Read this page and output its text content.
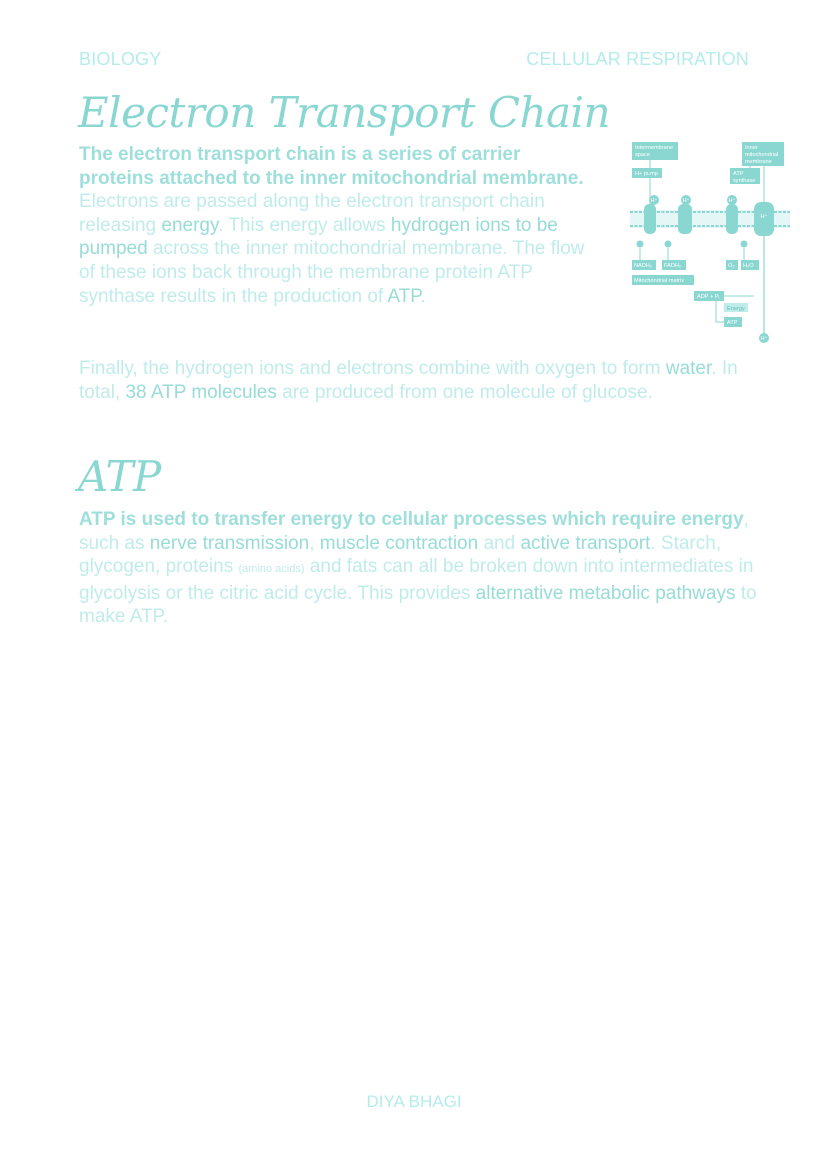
BIOLOGY	CELLULAR RESPIRATION
Electron Transport Chain

The electron transport chain is a series of carrier proteins attached to the inner mitochondrial membrane. Electrons are passed along the electron transport chain releasing energy. This energy allows hydrogen ions to be pumped across the inner mitochondrial membrane. The flow of these ions back through the membrane protein ATP synthase results in the production of ATP.

Finally, the hydrogen ions and electrons combine with oxygen to form water. In total, 38 ATP molecules are produced from one molecule of glucose.

ATP

ATP is used to transfer energy to cellular processes which require energy, such as nerve transmission, muscle contraction and active transport. Starch, glycogen, proteins (amino acids) and fats can all be broken down into intermediates in glycolysis or the citric acid cycle. This provides alternative metabolic pathways to make ATP.

Intermembrane
space
Inner
mitochondrial
membrane
H+ pump	ATP
synthase
H⁺	H⁺	H⁺
H⁺
NADH₂ FADH₂	O₂ H₂O
Mitochondrial matrix
ADP + Pᵢ
Energy
ATP
H⁺
DIYA BHAGI
